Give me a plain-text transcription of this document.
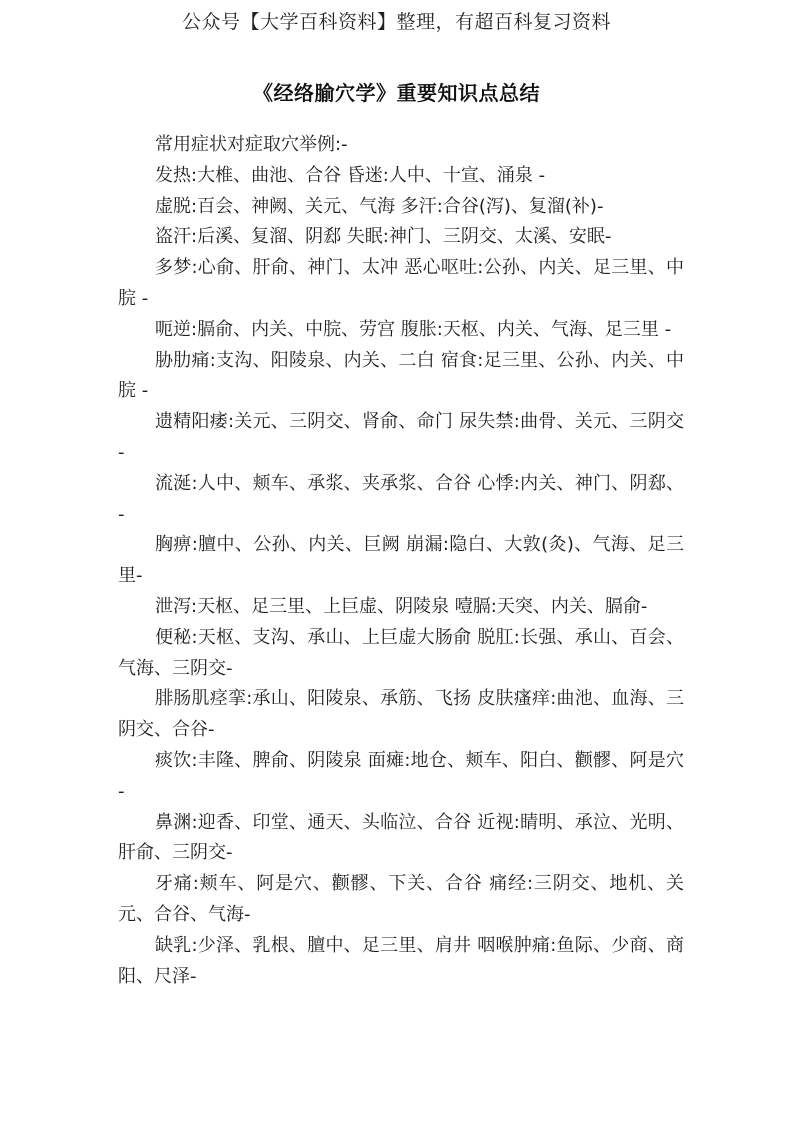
公众号【大学百科资料】整理，有超百科复习资料
《经络腧穴学》重要知识点总结

常用症状对症取穴举例:-

发热:大椎、曲池、合谷 昏迷:人中、十宣、涌泉 -

虚脱:百会、神阙、关元、气海 多汗:合谷(泻)、复溜(补)-

盗汗:后溪、复溜、阴郄 失眠:神门、三阴交、太溪、安眠-

多梦:心俞、肝俞、神门、太冲 恶心呕吐:公孙、内关、足三里、中脘 -

呃逆:膈俞、内关、中脘、劳宫 腹胀:天枢、内关、气海、足三里 -

胁肋痛:支沟、阳陵泉、内关、二白 宿食:足三里、公孙、内关、中脘 -

遗精阳痿:关元、三阴交、肾俞、命门 尿失禁:曲骨、关元、三阴交 -

流涎:人中、颊车、承浆、夹承浆、合谷 心悸:内关、神门、阴郄、 -

胸痹:膻中、公孙、内关、巨阙 崩漏:隐白、大敦(灸)、气海、足三里-

泄泻:天枢、足三里、上巨虚、阴陵泉 噎膈:天突、内关、膈俞-

便秘:天枢、支沟、承山、上巨虚大肠俞 脱肛:长强、承山、百会、气海、三阴交-

腓肠肌痉挛:承山、阳陵泉、承筋、飞扬 皮肤瘙痒:曲池、血海、三阴交、合谷-

痰饮:丰隆、脾俞、阴陵泉 面瘫:地仓、颊车、阳白、颧髎、阿是穴 -

鼻渊:迎香、印堂、通天、头临泣、合谷 近视:睛明、承泣、光明、肝俞、三阴交-

牙痛:颊车、阿是穴、颧髎、下关、合谷 痛经:三阴交、地机、关元、合谷、气海-

缺乳:少泽、乳根、膻中、足三里、肩井 咽喉肿痛:鱼际、少商、商阳、尺泽-
